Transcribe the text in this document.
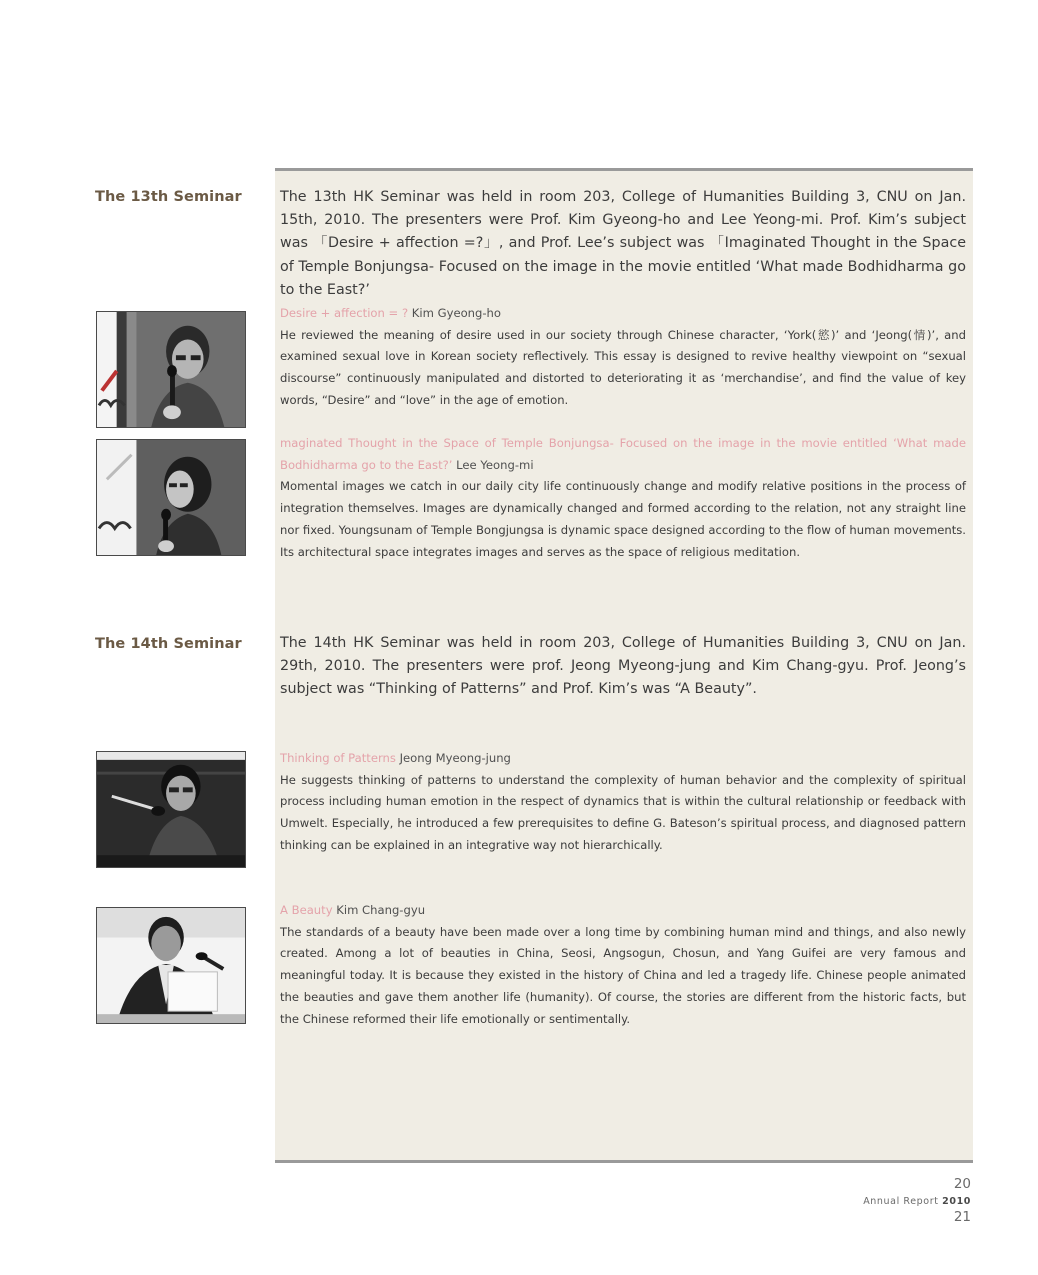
The 13th Seminar	The 13th HK Seminar was held in room 203, College of Humanities Building 3, CNU on Jan. 15th, 2010. The presenters were Prof. Kim Gyeong-ho and Lee Yeong-mi. Prof. Kim’s subject was 「Desire + affection =?」, and Prof. Lee’s subject was 「Imaginated Thought in the Space of Temple Bonjungsa- Focused on the image in the movie entitled ‘What made Bodhidharma go to the East?’
Desire + affection = ? Kim Gyeong-ho
He reviewed the meaning of desire used in our society through Chinese character, ‘York(慾)’ and ‘Jeong(情)’, and examined sexual love in Korean society reflectively. This essay is designed to revive healthy viewpoint on “sexual discourse” continuously manipulated and distorted to deteriorating it as ‘merchandise’, and find the value of key words, “Desire” and “love” in the age of emotion.
maginated Thought in the Space of Temple Bonjungsa- Focused on the image in the movie entitled ‘What made Bodhidharma go to the East?’ Lee Yeong-mi
Momental images we catch in our daily city life continuously change and modify relative positions in the process of integration themselves. Images are dynamically changed and formed according to the relation, not any straight line nor fixed. Youngsunam of Temple Bongjungsa is dynamic space designed according to the flow of human movements. Its architectural space integrates images and serves as the space of religious meditation.
The 14th Seminar	The 14th HK Seminar was held in room 203, College of Humanities Building 3, CNU on Jan. 29th, 2010. The presenters were prof. Jeong Myeong-jung and Kim Chang-gyu. Prof. Jeong’s subject was “Thinking of Patterns” and Prof. Kim’s was “A Beauty”.
Thinking of Patterns Jeong Myeong-jung
He suggests thinking of patterns to understand the complexity of human behavior and the complexity of spiritual process including human emotion in the respect of dynamics that is within the cultural relationship or feedback with Umwelt. Especially, he introduced a few prerequisites to define G. Bateson’s spiritual process, and diagnosed pattern thinking can be explained in an integrative way not hierarchically.
A Beauty Kim Chang-gyu
The standards of a beauty have been made over a long time by combining human mind and things, and also newly created. Among a lot of beauties in China, Seosi, Angsogun, Chosun, and Yang Guifei are very famous and meaningful today. It is because they existed in the history of China and led a tragedy life. Chinese people animated the beauties and gave them another life (humanity). Of course, the stories are different from the historic facts, but the Chinese reformed their life emotionally or sentimentally.
20
Annual Report 2010
21
